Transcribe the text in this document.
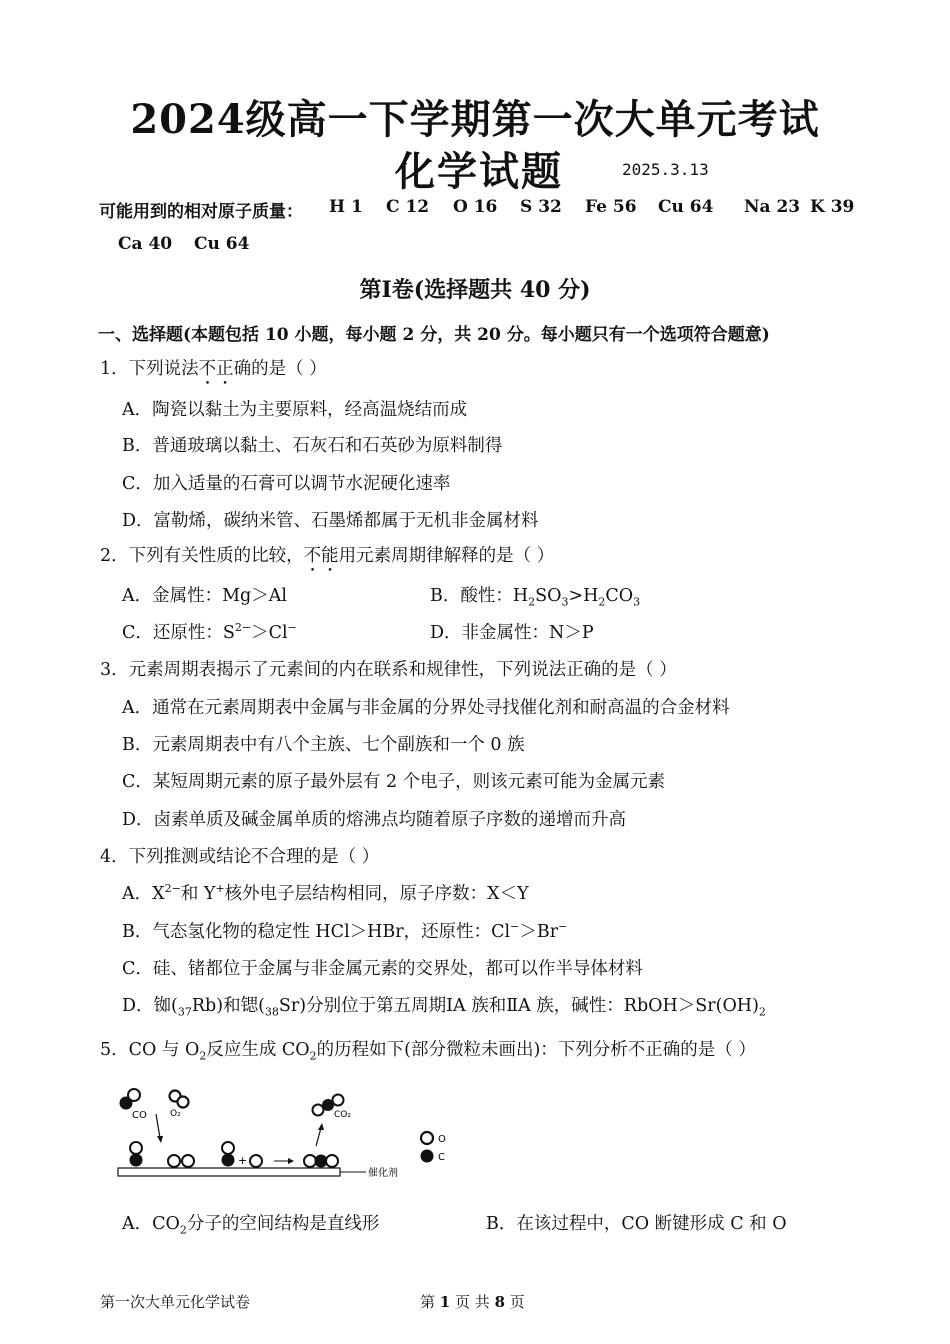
2024级高一下学期第一次大单元考试
化学试题	2025.3.13
可能用到的相对原子质量： H 1 C 12 O 16 S 32 Fe 56 Cu 64 Na 23 K 39
Ca 40 Cu 64
第Ⅰ卷(选择题共 40 分)
一、选择题(本题包括 10 小题，每小题 2 分，共 20 分。每小题只有一个选项符合题意)
1．下列说法不正确的是（ ）
A．陶瓷以黏土为主要原料，经高温烧结而成
B．普通玻璃以黏土、石灰石和石英砂为原料制得
C．加入适量的石膏可以调节水泥硬化速率
D．富勒烯，碳纳米管、石墨烯都属于无机非金属材料
2．下列有关性质的比较，不能用元素周期律解释的是（ ）
A．金属性：Mg＞Al	B．酸性：$H_2SO_3>H_2CO_3$
C．还原性：$S^{2-}>Cl^-$	D．非金属性：N＞P
3．元素周期表揭示了元素间的内在联系和规律性，下列说法正确的是（ ）
A．通常在元素周期表中金属与非金属的分界处寻找催化剂和耐高温的合金材料
B．元素周期表中有八个主族、七个副族和一个 0 族
C．某短周期元素的原子最外层有 2 个电子，则该元素可能为金属元素
D．卤素单质及碱金属单质的熔沸点均随着原子序数的递增而升高
4．下列推测或结论不合理的是（ ）
A．$X^{2-}$和 Y+核外电子层结构相同，原子序数：X＜Y
B．气态氢化物的稳定性 HCl＞HBr，还原性：Cl−＞Br−
C．硅、锗都位于金属与非金属元素的交界处，都可以作半导体材料
D．铷$(_{37}Rb)$和锶$(_{38}Sr)$分别位于第五周期ⅠA 族和ⅡA 族，碱性：$RbOH>Sr(OH)_2$
5．CO 与 $O_2$反应生成 $CO_2$的历程如下(部分微粒未画出)：下列分析不正确的是（ ）
催化剂
CO	O₂
+
CO₂
O
C
A．$CO_2$分子的空间结构是直线形	B．在该过程中，CO 断键形成 C 和 O
第一次大单元化学试卷	第 1 页 共 8 页
